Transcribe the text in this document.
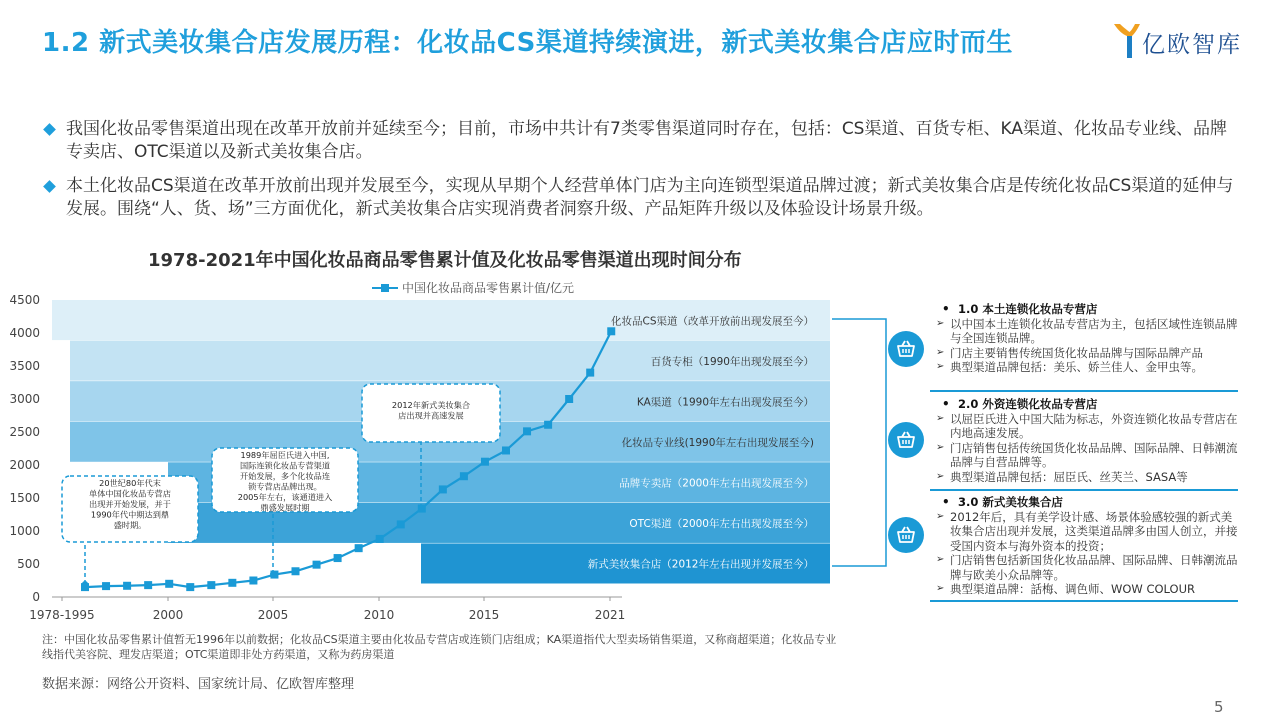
1.2 新式美妆集合店发展历程：化妆品CS渠道持续演进，新式美妆集合店应时而生	亿欧智库
我国化妆品零售渠道出现在改革开放前并延续至今；目前，市场中共计有7类零售渠道同时存在，包括：CS渠道、百货专柜、KA渠道、化妆品专业线、品牌专卖店、OTC渠道以及新式美妆集合店。
本土化妆品CS渠道在改革开放前出现并发展至今，实现从早期个人经营单体门店为主向连锁型渠道品牌过渡；新式美妆集合店是传统化妆品CS渠道的延伸与发展。围绕“人、货、场”三方面优化，新式美妆集合店实现消费者洞察升级、产品矩阵升级以及体验设计场景升级。
1978-2021年中国化妆品商品零售累计值及化妆品零售渠道出现时间分布
化妆品CS渠道（改革开放前出现发展至今）
百货专柜（1990年出现发展至今）
KA渠道（1990年左右出现发展至今）
化妆品专业线(1990年左右出现发展至今)
品牌专卖店（2000年左右出现发展至今）
OTC渠道（2000年左右出现发展至今）
新式美妆集合店（2012年左右出现并发展至今）
0
500
1000
1500
2000
2500
3000
3500
4000
4500
1978-1995	2000	2005	2010	2015	2021
中国化妆品商品零售累计值/亿元
20世纪80年代末单体中国化妆品专营店出现并开始发展，并于 1990年代中期达到鼎盛时期。
1989年屈臣氏进入中国,国际连锁化妆品专营渠道开始发展，多个化妆品连锁专营店品牌出现。 2005年左右，该通道进入鼎盛发展时期
2012年新式美妆集合店出现并高速发展
• 1.0 本土连锁化妆品专营店
➢ 以中国本土连锁化妆品专营店为主，包括区域性连锁品牌与全国连锁品牌。
➢ 门店主要销售传统国货化妆品品牌与国际品牌产品
➢ 典型渠道品牌包括：美乐、娇兰佳人、金甲虫等。
• 2.0 外资连锁化妆品专营店
➢ 以屈臣氏进入中国大陆为标志，外资连锁化妆品专营店在内地高速发展。
➢ 门店销售包括传统国货化妆品品牌、国际品牌、日韩潮流品牌与自营品牌等。
➢ 典型渠道品牌包括：屈臣氏、丝芙兰、SASA等
• 3.0 新式美妆集合店
➢ 2012年后，具有美学设计感、场景体验感较强的新式美妆集合店出现并发展，这类渠道品牌多由国人创立，并接受国内资本与海外资本的投资；
➢ 门店销售包括新国货化妆品品牌、国际品牌、日韩潮流品牌与欧美小众品牌等。
➢ 典型渠道品牌：話梅、调色师、WOW COLOUR
注：中国化妆品零售累计值暂无1996年以前数据；化妆品CS渠道主要由化妆品专营店或连锁门店组成；KA渠道指代大型卖场销售渠道，又称商超渠道；化妆品专业线指代美容院、理发店渠道；OTC渠道即非处方药渠道，又称为药房渠道
数据来源：网络公开资料、国家统计局、亿欧智库整理
5
